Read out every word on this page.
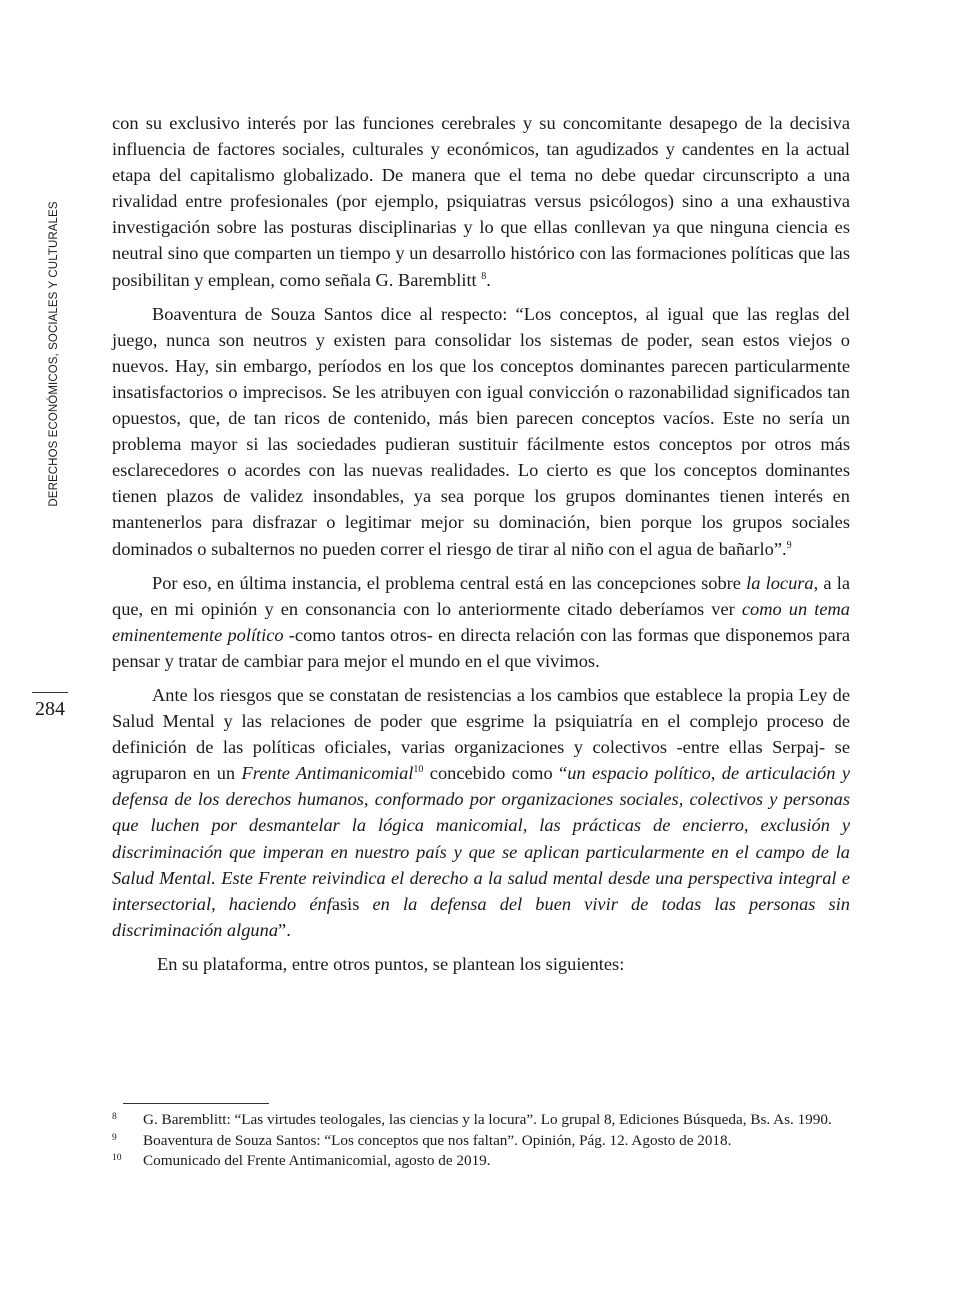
DERECHOS ECONÓMICOS, SOCIALES Y CULTURALES
284

con su exclusivo interés por las funciones cerebrales y su concomitante desapego de la decisiva influencia de factores sociales, culturales y económicos, tan agudizados y candentes en la actual etapa del capitalismo globalizado. De manera que el tema no debe quedar circunscripto a una rivalidad entre profesionales (por ejemplo, psiquiatras versus psicólogos) sino a una exhaustiva investigación sobre las posturas disciplinarias y lo que ellas conllevan ya que ninguna ciencia es neutral sino que comparten un tiempo y un desarrollo histórico con las formaciones políticas que las posibilitan y emplean, como señala G. Baremblitt $^8$.

Boaventura de Souza Santos dice al respecto: “Los conceptos, al igual que las reglas del juego, nunca son neutros y existen para consolidar los sistemas de poder, sean estos viejos o nuevos. Hay, sin embargo, períodos en los que los conceptos dominantes parecen particularmente insatisfactorios o imprecisos. Se les atribuyen con igual convicción o razonabilidad significados tan opuestos, que, de tan ricos de contenido, más bien parecen conceptos vacíos. Este no sería un problema mayor si las sociedades pudieran sustituir fácilmente estos conceptos por otros más esclarecedores o acordes con las nuevas realidades. Lo cierto es que los conceptos dominantes tienen plazos de validez insondables, ya sea porque los grupos dominantes tienen interés en mantenerlos para disfrazar o legitimar mejor su dominación, bien porque los grupos sociales dominados o subalternos no pueden correr el riesgo de tirar al niño con el agua de bañarlo”.$^9$

Por eso, en última instancia, el problema central está en las concepciones sobre la locura, a la que, en mi opinión y en consonancia con lo anteriormente citado deberíamos ver como un tema eminentemente político -como tantos otros- en directa relación con las formas que disponemos para pensar y tratar de cambiar para mejor el mundo en el que vivimos.

Ante los riesgos que se constatan de resistencias a los cambios que establece la propia Ley de Salud Mental y las relaciones de poder que esgrime la psiquiatría en el complejo proceso de definición de las políticas oficiales, varias organizaciones y colectivos -entre ellas Serpaj- se agruparon en un Frente Antimanicomial$^{10}$ concebido como “un espacio político, de articulación y defensa de los derechos humanos, conformado por organizaciones sociales, colectivos y personas que luchen por desmantelar la lógica manicomial, las prácticas de encierro, exclusión y discriminación que imperan en nuestro país y que se aplican particularmente en el campo de la Salud Mental. Este Frente reivindica el derecho a la salud mental desde una perspectiva integral e intersectorial, haciendo énfasis en la defensa del buen vivir de todas las personas sin discriminación alguna”.

En su plataforma, entre otros puntos, se plantean los siguientes:

8 G. Baremblitt: “Las virtudes teologales, las ciencias y la locura”. Lo grupal 8, Ediciones Búsqueda, Bs. As. 1990.
9 Boaventura de Souza Santos: “Los conceptos que nos faltan”. Opinión, Pág. 12. Agosto de 2018.
10 Comunicado del Frente Antimanicomial, agosto de 2019.
